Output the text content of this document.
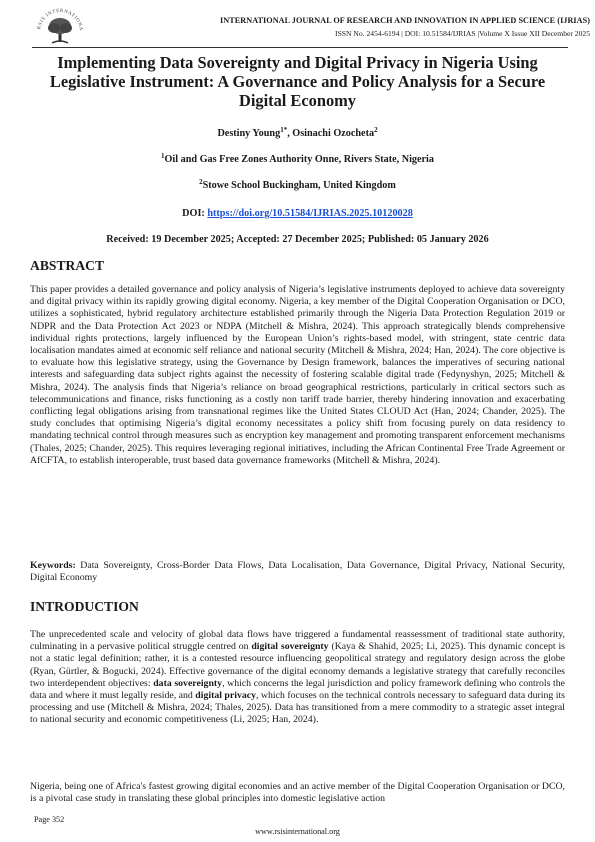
RSIS INTERNATIONA
INTERNATIONAL JOURNAL OF RESEARCH AND INNOVATION IN APPLIED SCIENCE (IJRIAS)
ISSN No. 2454-6194 | DOI: 10.51584/IJRIAS |Volume X Issue XII December 2025
Implementing Data Sovereignty and Digital Privacy in Nigeria Using Legislative Instrument: A Governance and Policy Analysis for a Secure Digital Economy
Destiny Young$^{1*}$, Osinachi Ozocheta$^2$
$^1$Oil and Gas Free Zones Authority Onne, Rivers State, Nigeria
$^2$Stowe School Buckingham, United Kingdom
DOI: https://doi.org/10.51584/IJRIAS.2025.10120028
Received: 19 December 2025; Accepted: 27 December 2025; Published: 05 January 2026
ABSTRACT
This paper provides a detailed governance and policy analysis of Nigeria’s legislative instruments deployed to achieve data sovereignty and digital privacy within its rapidly growing digital economy. Nigeria, a key member of the Digital Cooperation Organisation or DCO, utilizes a sophisticated, hybrid regulatory architecture established primarily through the Nigeria Data Protection Regulation 2019 or NDPR and the Data Protection Act 2023 or NDPA (Mitchell & Mishra, 2024). This approach strategically blends comprehensive individual rights protections, largely influenced by the European Union’s rights-based model, with stringent, state centric data localisation mandates aimed at economic self reliance and national security (Mitchell & Mishra, 2024; Han, 2024). The core objective is to evaluate how this legislative strategy, using the Governance by Design framework, balances the imperatives of securing national interests and safeguarding data subject rights against the necessity of fostering scalable digital trade (Fedynyshyn, 2025; Mitchell & Mishra, 2024). The analysis finds that Nigeria’s reliance on broad geographical restrictions, particularly in critical sectors such as telecommunications and finance, risks functioning as a costly non tariff trade barrier, thereby hindering innovation and exacerbating conflicting legal obligations arising from transnational regimes like the United States CLOUD Act (Han, 2024; Chander, 2025). The study concludes that optimising Nigeria’s digital economy necessitates a policy shift from focusing purely on data residency to mandating technical control through measures such as encryption key management and promoting transparent enforcement mechanisms (Thales, 2025; Chander, 2025). This requires leveraging regional initiatives, including the African Continental Free Trade Agreement or AfCFTA, to establish interoperable, trust based data governance frameworks (Mitchell & Mishra, 2024).
Keywords: Data Sovereignty, Cross-Border Data Flows, Data Localisation, Data Governance, Digital Privacy, National Security, Digital Economy
INTRODUCTION
The unprecedented scale and velocity of global data flows have triggered a fundamental reassessment of traditional state authority, culminating in a pervasive political struggle centred on digital sovereignty (Kaya & Shahid, 2025; Li, 2025). This dynamic concept is not a static legal definition; rather, it is a contested resource influencing geopolitical strategy and regulatory design across the globe (Ryan, Gürtler, & Bogucki, 2024). Effective governance of the digital economy demands a legislative strategy that carefully reconciles two interdependent objectives: data sovereignty, which concerns the legal jurisdiction and policy framework defining who controls the data and where it must legally reside, and digital privacy, which focuses on the technical controls necessary to safeguard data during its processing and use (Mitchell & Mishra, 2024; Thales, 2025). Data has transitioned from a mere commodity to a strategic asset integral to national security and economic competitiveness (Li, 2025; Han, 2024).
Nigeria, being one of Africa's fastest growing digital economies and an active member of the Digital Cooperation Organisation or DCO, is a pivotal case study in translating these global principles into domestic legislative action
Page 352
www.rsisinternational.org
